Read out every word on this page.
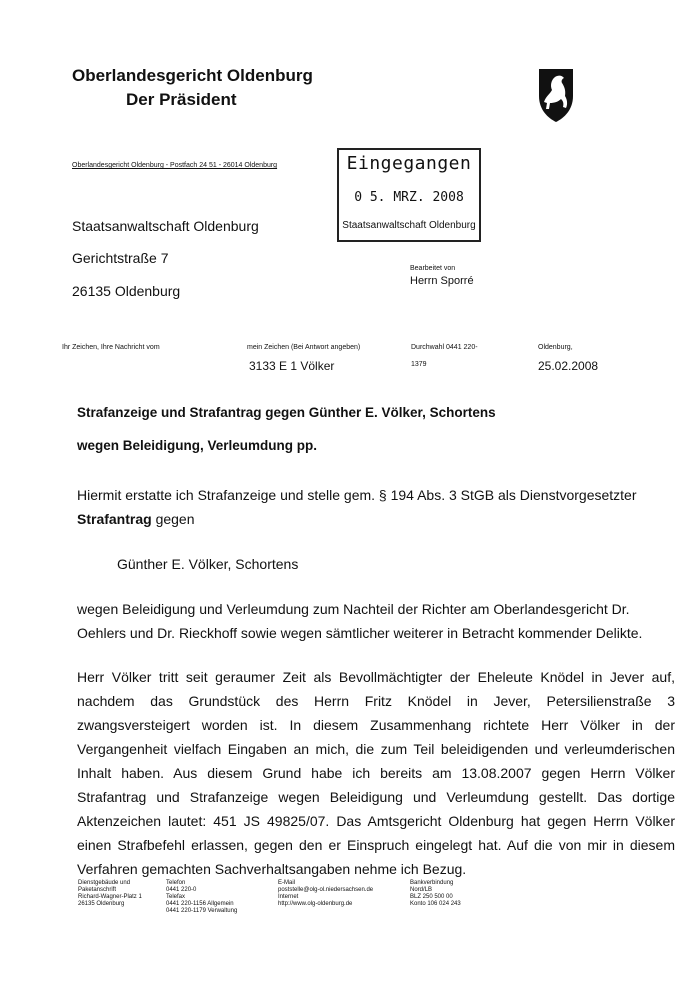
Oberlandesgericht Oldenburg
Der Präsident
Oberlandesgericht Oldenburg - Postfach 24 51 - 26014 Oldenburg	Eingegangen
0 5. MRZ. 2008
Staatsanwaltschaft Oldenburg
Staatsanwaltschaft Oldenburg
Gerichtstraße 7
26135 Oldenburg
Bearbeitet von
Herrn Sporré
Ihr Zeichen, Ihre Nachricht vom	mein Zeichen (Bei Antwort angeben)
3133 E 1 Völker
Durchwahl 0441 220-
1379
Oldenburg,
25.02.2008
Strafanzeige und Strafantrag gegen Günther E. Völker, Schortens
wegen Beleidigung, Verleumdung pp.
Hiermit erstatte ich Strafanzeige und stelle gem. § 194 Abs. 3 StGB als Dienstvorgesetzter
Strafantrag gegen
Günther E. Völker, Schortens
wegen Beleidigung und Verleumdung zum Nachteil der Richter am Oberlandesgericht Dr.
Oehlers und Dr. Rieckhoff sowie wegen sämtlicher weiterer in Betracht kommender Delikte.
Herr Völker tritt seit geraumer Zeit als Bevollmächtigter der Eheleute Knödel in Jever auf,
nachdem das Grundstück des Herrn Fritz Knödel in Jever, Petersilienstraße 3
zwangsversteigert worden ist. In diesem Zusammenhang richtete Herr Völker in der
Vergangenheit vielfach Eingaben an mich, die zum Teil beleidigenden und verleumderischen
Inhalt haben. Aus diesem Grund habe ich bereits am 13.08.2007 gegen Herrn Völker
Strafantrag und Strafanzeige wegen Beleidigung und Verleumdung gestellt. Das dortige
Aktenzeichen lautet: 451 JS 49825/07. Das Amtsgericht Oldenburg hat gegen Herrn Völker
einen Strafbefehl erlassen, gegen den er Einspruch eingelegt hat. Auf die von mir in diesem
Verfahren gemachten Sachverhaltsangaben nehme ich Bezug.
Dienstgebäude und
Paketanschrift
Richard-Wagner-Platz 1
26135 Oldenburg
Telefon
0441 220-0
Telefax
0441 220-1156 Allgemein
0441 220-1179 Verwaltung
E-Mail
poststelle@olg-ol.niedersachsen.de
Internet
http://www.olg-oldenburg.de
Bankverbindung
Nord/LB
BLZ 250 500 00
Konto 106 024 243
